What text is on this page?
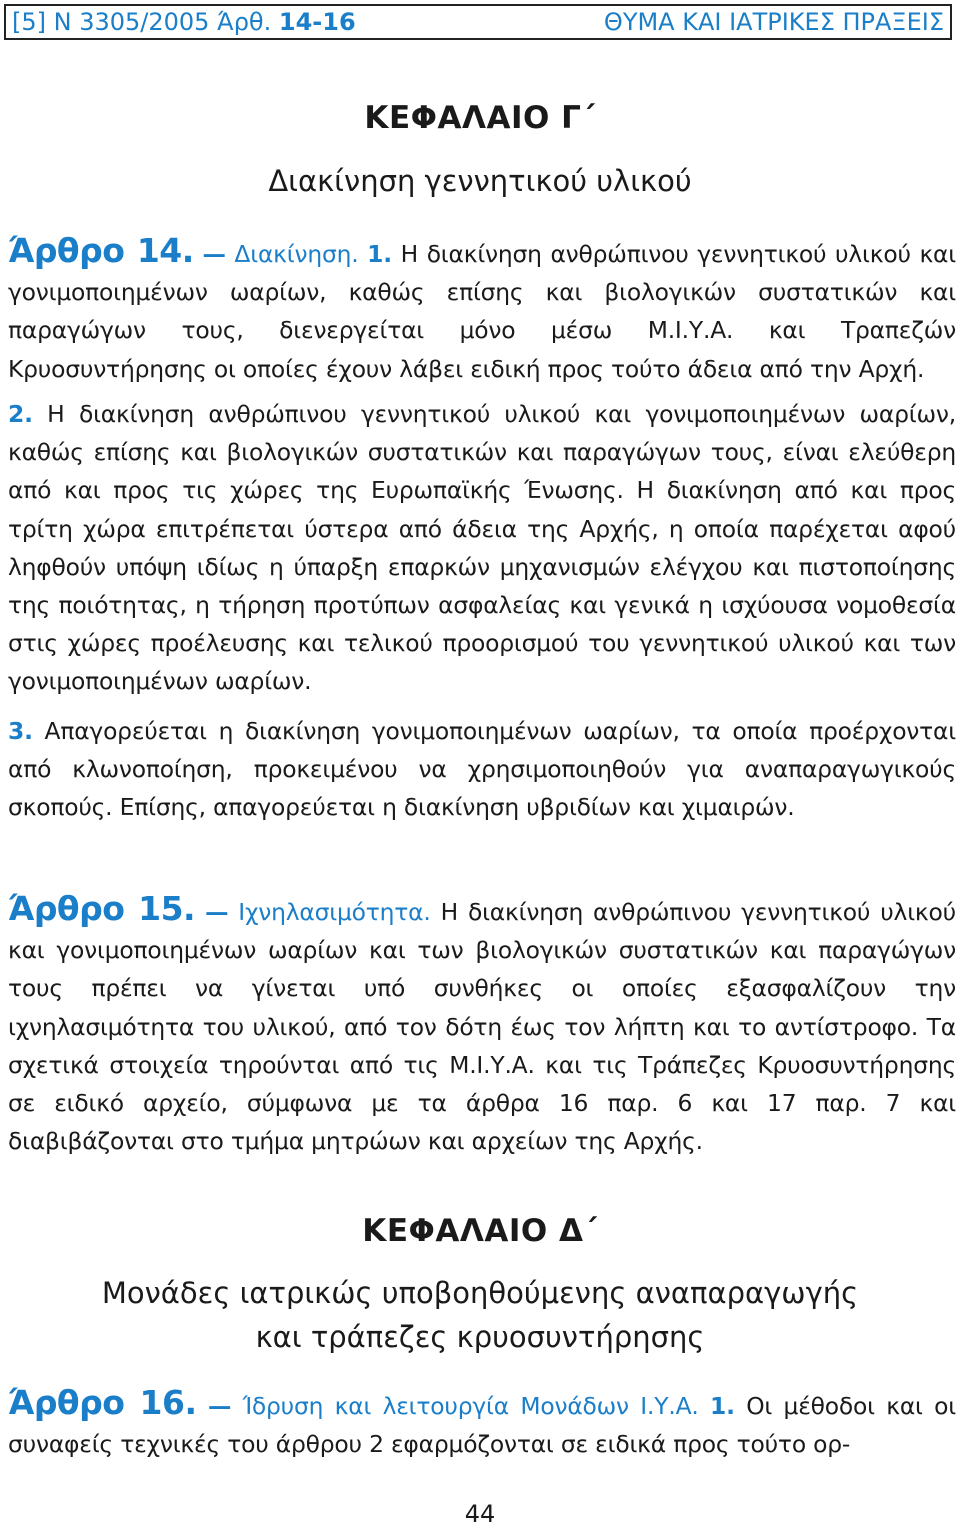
[5] Ν 3305/2005 Άρθ. 14-16	ΘΥΜΑ ΚΑΙ ΙΑΤΡΙΚΕΣ ΠΡΑΞΕΙΣ
ΚΕΦΑΛΑΙΟ Γ΄
Διακίνηση γεννητικού υλικού

Άρθρο 14. — Διακίνηση. 1. Η διακίνηση ανθρώπινου γεννητικού υλικού και γονιμοποιημένων ωαρίων, καθώς επίσης και βιολογικών συστατικών και παραγώγων τους, διενεργείται μόνο μέσω Μ.Ι.Υ.Α. και Τραπεζών Κρυοσυντήρησης οι οποίες έχουν λάβει ειδική προς τούτο άδεια από την Αρχή.

2. Η διακίνηση ανθρώπινου γεννητικού υλικού και γονιμοποιημένων ωαρίων, καθώς επίσης και βιολογικών συστατικών και παραγώγων τους, είναι ελεύθερη από και προς τις χώρες της Ευρωπαϊκής Ένωσης. Η διακίνηση από και προς τρίτη χώρα επιτρέπεται ύστερα από άδεια της Αρχής, η οποία παρέχεται αφού ληφθούν υπόψη ιδίως η ύπαρξη επαρκών μηχανισμών ελέγχου και πιστοποίησης της ποιότητας, η τήρηση προτύπων ασφαλείας και γενικά η ισχύουσα νομοθεσία στις χώρες προέλευσης και τελικού προορισμού του γεννητικού υλικού και των γονιμοποιημένων ωαρίων.

3. Απαγορεύεται η διακίνηση γονιμοποιημένων ωαρίων, τα οποία προέρχονται από κλωνοποίηση, προκειμένου να χρησιμοποιηθούν για αναπαραγωγικούς σκοπούς. Επίσης, απαγορεύεται η διακίνηση υβριδίων και χιμαιρών.

Άρθρο 15. — Ιχνηλασιμότητα. Η διακίνηση ανθρώπινου γεννητικού υλικού και γονιμοποιημένων ωαρίων και των βιολογικών συστατικών και παραγώγων τους πρέπει να γίνεται υπό συνθήκες οι οποίες εξασφαλίζουν την ιχνηλασιμότητα του υλικού, από τον δότη έως τον λήπτη και το αντίστροφο. Τα σχετικά στοιχεία τηρούνται από τις Μ.Ι.Υ.Α. και τις Τράπεζες Κρυοσυντήρησης σε ειδικό αρχείο, σύμφωνα με τα άρθρα 16 παρ. 6 και 17 παρ. 7 και διαβιβάζονται στο τμήμα μητρώων και αρχείων της Αρχής.

ΚΕΦΑΛΑΙΟ Δ΄
Μονάδες ιατρικώς υποβοηθούμενης αναπαραγωγής
και τράπεζες κρυοσυντήρησης

Άρθρο 16. — Ίδρυση και λειτουργία Μονάδων Ι.Υ.Α. 1. Οι μέθοδοι και οι συναφείς τεχνικές του άρθρου 2 εφαρμόζονται σε ειδικά προς τούτο ορ-

44
